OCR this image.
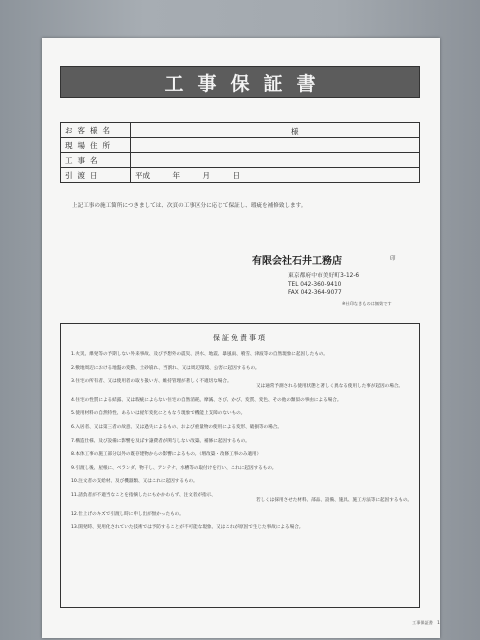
工事保証書
お客様名	様

現場住所	
工事名	
引渡日	平成　　　年　　　月　　　日
上記工事の施工箇所につきましては、次頁の工事区分に応じて保証し、瑕疵を補修致します。
有限会社石井工務店	印
東京都府中市美好町3-12-6
TEL 042-360-9410
FAX 042-364-9077
※社印なきものは無効です
保証免責事項
1.火災、爆発等の予期しない外来事故、及び予想外の震災、洪水、地震、暴風雨、噴雪、津波等の自然現象に起因したもの。
2.敷地周辺における地盤の変動、土砂崩れ、当割れ、又は周辺環境、公害に起因するもの。
3.住宅の所有者、又は使用者の取り扱い方、維持管理が著しく不適切な場合。
又は通常予測される使用状態と著しく異なる使用した事が起因の場合。
4.住宅の性質による結露、又は瑕疵によらない住宅の自然消耗、摩滅、さび、かび、変質、変色、その他の類似の事由による場合。
5.使用材料の自然特性、あるいは経年変化にともなう現象で機能上支障のないもの。
6.入居者、又は第三者の故意、又は過失によるもの、および重量物の使用による変形、破損等の場合。
7.構造仕様、及び設備に影響を及ぼす譲費者が関与しない改築、補修に起因するもの。
8.本体工事の施工部分以外の既存建物からの影響によるもの。（増改築・改修工事のみ適用）
9.引渡し後、屋根に、ベランダ、物干し、アンテナ、水槽等の取付けを行い、これに起因するもの。
10.注文者の支給材、及び機器類、又はこれに起因するもの。
11.請負者が不適当なことを指摘したにもかかわらず、注文者が指示、
若しくは採用させた材料、部品、設備、施具、施工方法等に起因するもの。
12.仕上げのキズで引渡し時に申し出が無かったもの。
13.開発時、実用化されていた技術では予防することが不可能な現象、又はこれが原因で生じた事故による場合。
工事保証書　1
